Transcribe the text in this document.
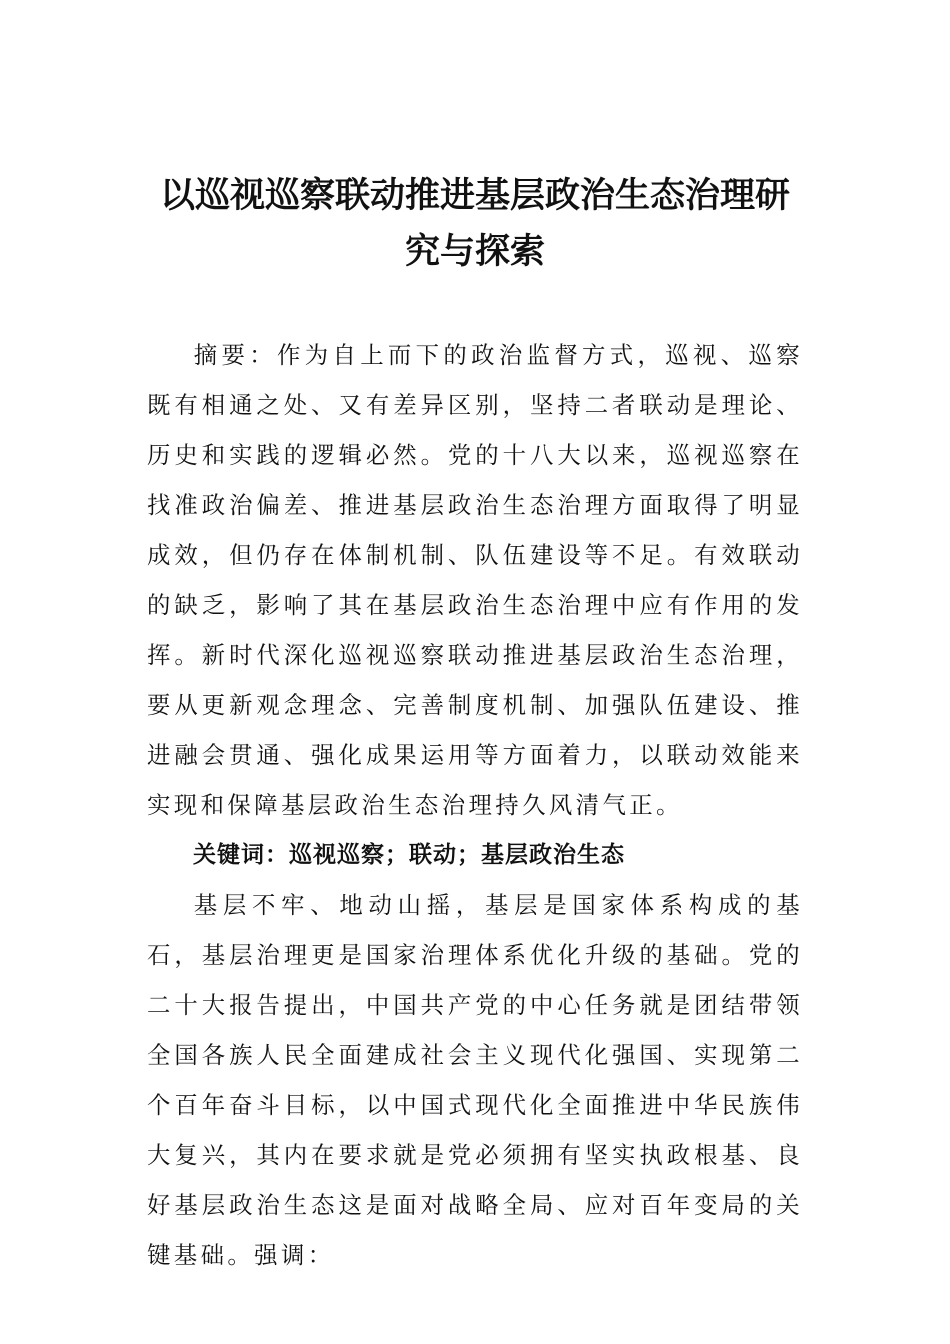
以巡视巡察联动推进基层政治生态治理研究与探索

摘要：作为自上而下的政治监督方式，巡视、巡察既有相通之处、又有差异区别，坚持二者联动是理论、历史和实践的逻辑必然。党的十八大以来，巡视巡察在找准政治偏差、推进基层政治生态治理方面取得了明显成效，但仍存在体制机制、队伍建设等不足。有效联动的缺乏，影响了其在基层政治生态治理中应有作用的发挥。新时代深化巡视巡察联动推进基层政治生态治理，要从更新观念理念、完善制度机制、加强队伍建设、推进融会贯通、强化成果运用等方面着力，以联动效能来实现和保障基层政治生态治理持久风清气正。

关键词：巡视巡察；联动；基层政治生态

基层不牢、地动山摇，基层是国家体系构成的基石，基层治理更是国家治理体系优化升级的基础。党的二十大报告提出，中国共产党的中心任务就是团结带领全国各族人民全面建成社会主义现代化强国、实现第二个百年奋斗目标，以中国式现代化全面推进中华民族伟大复兴，其内在要求就是党必须拥有坚实执政根基、良好基层政治生态这是面对战略全局、应对百年变局的关键基础。强调：
